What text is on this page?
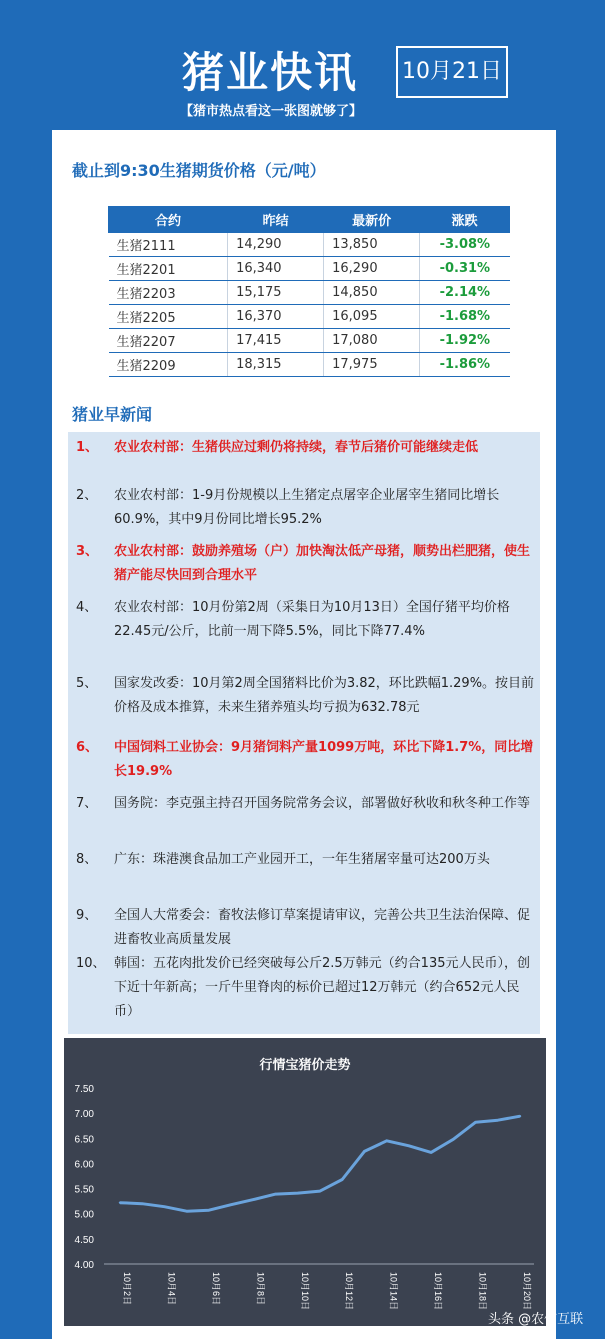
猪业快讯 10月21日
【猪市热点看这一张图就够了】
截止到9:30生猪期货价格（元/吨）
合约	昨结	最新价	涨跌
生猪2111	14,290	13,850	-3.08%
生猪2201	16,340	16,290	-0.31%
生猪2203	15,175	14,850	-2.14%
生猪2205	16,370	16,095	-1.68%
生猪2207	17,415	17,080	-1.92%
生猪2209	18,315	17,975	-1.86%
猪业早新闻
1、	农业农村部：生猪供应过剩仍将持续，春节后猪价可能继续走低
2、	农业农村部：1-9月份规模以上生猪定点屠宰企业屠宰生猪同比增长60.9%，其中9月份同比增长95.2%
3、	农业农村部：鼓励养殖场（户）加快淘汰低产母猪，顺势出栏肥猪，使生猪产能尽快回到合理水平
4、	农业农村部：10月份第2周（采集日为10月13日）全国仔猪平均价格22.45元/公斤，比前一周下降5.5%，同比下降77.4%
5、	国家发改委：10月第2周全国猪料比价为3.82，环比跌幅1.29%。按目前价格及成本推算，未来生猪养殖头均亏损为632.78元
6、	中国饲料工业协会：9月猪饲料产量1099万吨，环比下降1.7%，同比增长19.9%
7、	国务院：李克强主持召开国务院常务会议，部署做好秋收和秋冬种工作等
8、	广东：珠港澳食品加工产业园开工，一年生猪屠宰量可达200万头
9、	全国人大常委会：畜牧法修订草案提请审议，完善公共卫生法治保障、促进畜牧业高质量发展
10、 韩国：五花肉批发价已经突破每公斤2.5万韩元（约合135元人民币），创下近十年新高；一斤牛里脊肉的标价已超过12万韩元（约合652元人民币）
行情宝猪价走势
7.50
7.00
6.50
6.00
5.50
5.00
4.50
4.00
10月2日	10月4日	10月6日	10月8日	10月10日	10月12日	10月14日	10月16日	10月18日	10月20日
头条 @农信互联
